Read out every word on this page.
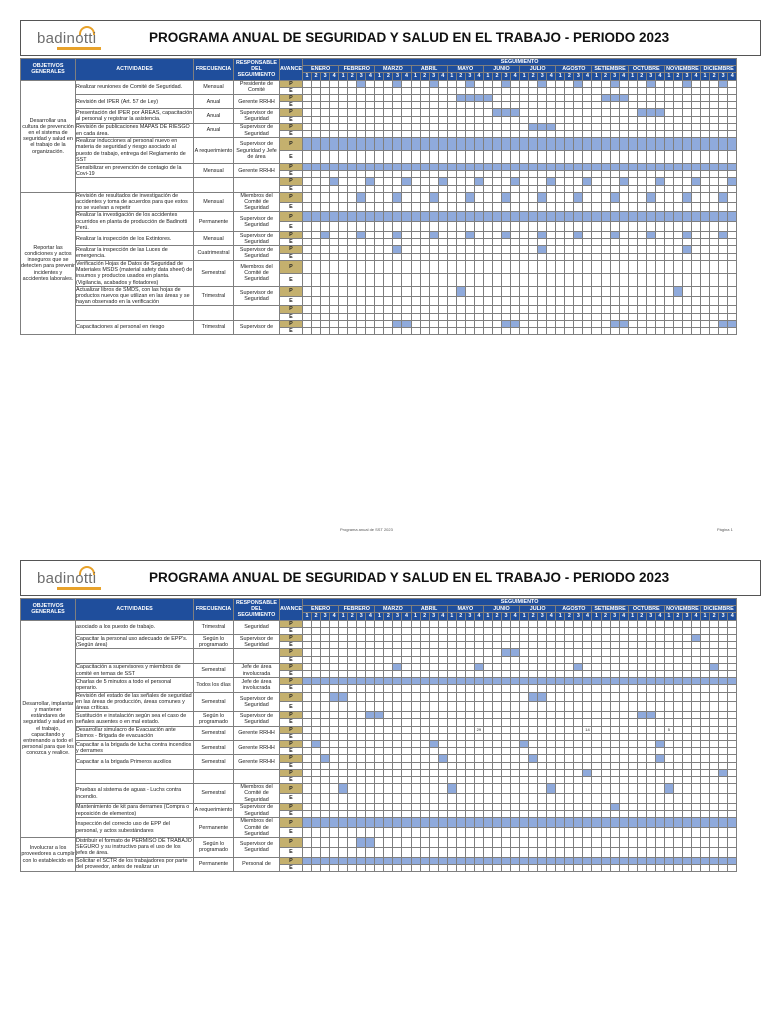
badinotti	PROGRAMA ANUAL DE SEGURIDAD Y SALUD EN EL TRABAJO - PERIODO 2023
OBJETIVOS GENERALES	ACTIVIDADES	FRECUENCIA	RESPONSABLE DEL SEGUIMIENTO	AVANCE	SEGUIMIENTO																																															
					ENERO				FEBRERO				MARZO				ABRIL				MAYO				JUNIO				JULIO				AGOSTO				SETIEMBRE				OCTUBRE				NOVIEMBRE				DICIEMBRE			
					1	2	3	4	1	2	3	4	1	2	3	4	1	2	3	4	1	2	3	4	1	2	3	4	1	2	3	4	1	2	3	4	1	2	3	4	1	2	3	4	1	2	3	4	1	2	3	4
Desarrollar una cultura de prevención en el sistema de seguridad y salud en el trabajo de la organización.	Realizar reuniones de Comité de Seguridad.	Mensual	Presidente de Comité	P																																																
				E																																																
	Revisión del IPER (Art. 57 de Ley)	Anual	Gerente RRHH	P																																																
				E																																																
	Presentación del IPER por ÁREAS, capacitación al personal y registrar la asistencia.	Anual	Supervisor de Seguridad	P																																																
				E																																																
	Revisión de publicaciones MAPAS DE RIESGO en cada área.	Anual	Supervisor de Seguridad	P																																																
				E																																																
	Realizar inducciones al personal nuevo en materia de seguridad y riesgo asociado al puesto de trabajo, entrega del Reglamento de SST	A requerimiento	Supervisor de Seguridad y Jefe de área	P																																																
				E																																																
	Sensibilizar en prevención de contagio de la Covi-19	Mensual	Gerente RRHH	P																																																
				E																																																
				P																																																
				E																																																
Reportar las condiciones y actos inseguros que se detecten para prevenir incidentes y accidentes laborales.	Revisión de resultados de investigación de accidentes y toma de acuerdos para que estos no se vuelvan a repetir	Mensual	Miembros del Comité de Seguridad	P																																																
				E																																																
	Realizar la investigación de los accidentes ocurridos en planta de producción de Badinotti Perú.	Permanente	Supervisor de Seguridad	P																																																
				E																																																
	Realizar la inspección de los Extintores.	Mensual	Supervisor de Seguridad	P																																																
				E																																																
	Realizar la inspección de las Luces de emergencia.	Cuatrimestral	Supervisor de Seguridad	P																																																
				E																																																
	Verificación Hojas de Datos de Seguridad de Materiales MSDS (material safety data sheet) de insumos y productos usados en planta. (Vigilancia, acabados y flotadores)	Semestral	Miembros del Comité de Seguridad	P																																																
				E																																																
	Actualizar libros de SMDS, con las hojas de productos nuevos que utilizan en las áreas y se hayan observado en la verificación	Trimestral	Supervisor de Seguridad	P																																																
				E																																																
				P																																																
				E																																																
	Capacitaciones al personal en riesgo	Trimestral	Supervisor de	P																																																
				E																																																
Programa anual de SST 2023	Página 1
badinotti	PROGRAMA ANUAL DE SEGURIDAD Y SALUD EN EL TRABAJO - PERIODO 2023
OBJETIVOS GENERALES	ACTIVIDADES	FRECUENCIA	RESPONSABLE DEL SEGUIMIENTO	AVANCE	SEGUIMIENTO																																															
					ENERO				FEBRERO				MARZO				ABRIL				MAYO				JUNIO				JULIO				AGOSTO				SETIEMBRE				OCTUBRE				NOVIEMBRE				DICIEMBRE			
					1	2	3	4	1	2	3	4	1	2	3	4	1	2	3	4	1	2	3	4	1	2	3	4	1	2	3	4	1	2	3	4	1	2	3	4	1	2	3	4	1	2	3	4	1	2	3	4
Desarrollar, implantar y mantener estándares de seguridad y salud en el trabajo, capacitando y entrenando a todo el personal para que los conozca y realice.	asociado a los puesto de trabajo.	Trimestral	Seguridad	P																																																
				E																																																
	Capacitar la personal uso adecuado de EPP's. (Según área)	Según lo programado	Supervisor de Seguridad	P																																																
				E																																																
				P																																																
				E																																																
	Capacitación a supervisores y miembros de comité en temas de SST	Semestral	Jefe de área involucrada	P																																																
				E																																																
	Charlas de 5 minutos a todo el personal operario.	Todos los días	Jefe de área involucrada	P																																																
				E																																																
	Revisión del estado de las señales de seguridad en las áreas de producción, áreas comunes y áreas críticas.	Semestral	Supervisor de Seguridad	P																																																
				E																																																
	Sustitución e instalación según sea el caso de señales ausentes o en mal estado.	Según lo programado	Supervisor de Seguridad	P																																																
				E																																																
	Desarrollar simulacro de Evacuación ante Sismos - Brigada de evacuación	Semestral	Gerente RRHH	P																				29												14									5							
				E																																																
	Capacitar a la brigada de lucha contra incendios y derrames	Semestral	Gerente RRHH	P																																																
				E																																																
	Capacitar a la brigada Primeros auxilios	Semestral	Gerente RRHH	P																																																
				E																																																
				P																																																
				E																																																
	Pruebas al sistema de aguas - Luchs contra incendio.	Semestral	Miembros del Comité de Seguridad	P																																																
				E																																																
	Mantenimiento de kit para derrames (Compra o reposición de elementos)	A requerimiento	Supervisor de Seguridad	P																																																
				E																																																
	Inspección del correcto uso de EPP del personal, y actos subestándares	Permanente	Miembros del Comité de Seguridad	P																																																
				E																																																
Involucrar a los proveedores a cumplir con lo establecido en	Distribuir el formato de PERMISO DE TRABAJO SEGURO y su instructivo para el uso de los jefes de área.	Según lo programado	Supervisor de Seguridad	P																																																
				E																																																
	Solicitar el SCTR de los trabajadores por parte del proveedor, antes de realizar un	Permanente	Personal de	P																																																
				E																																																
